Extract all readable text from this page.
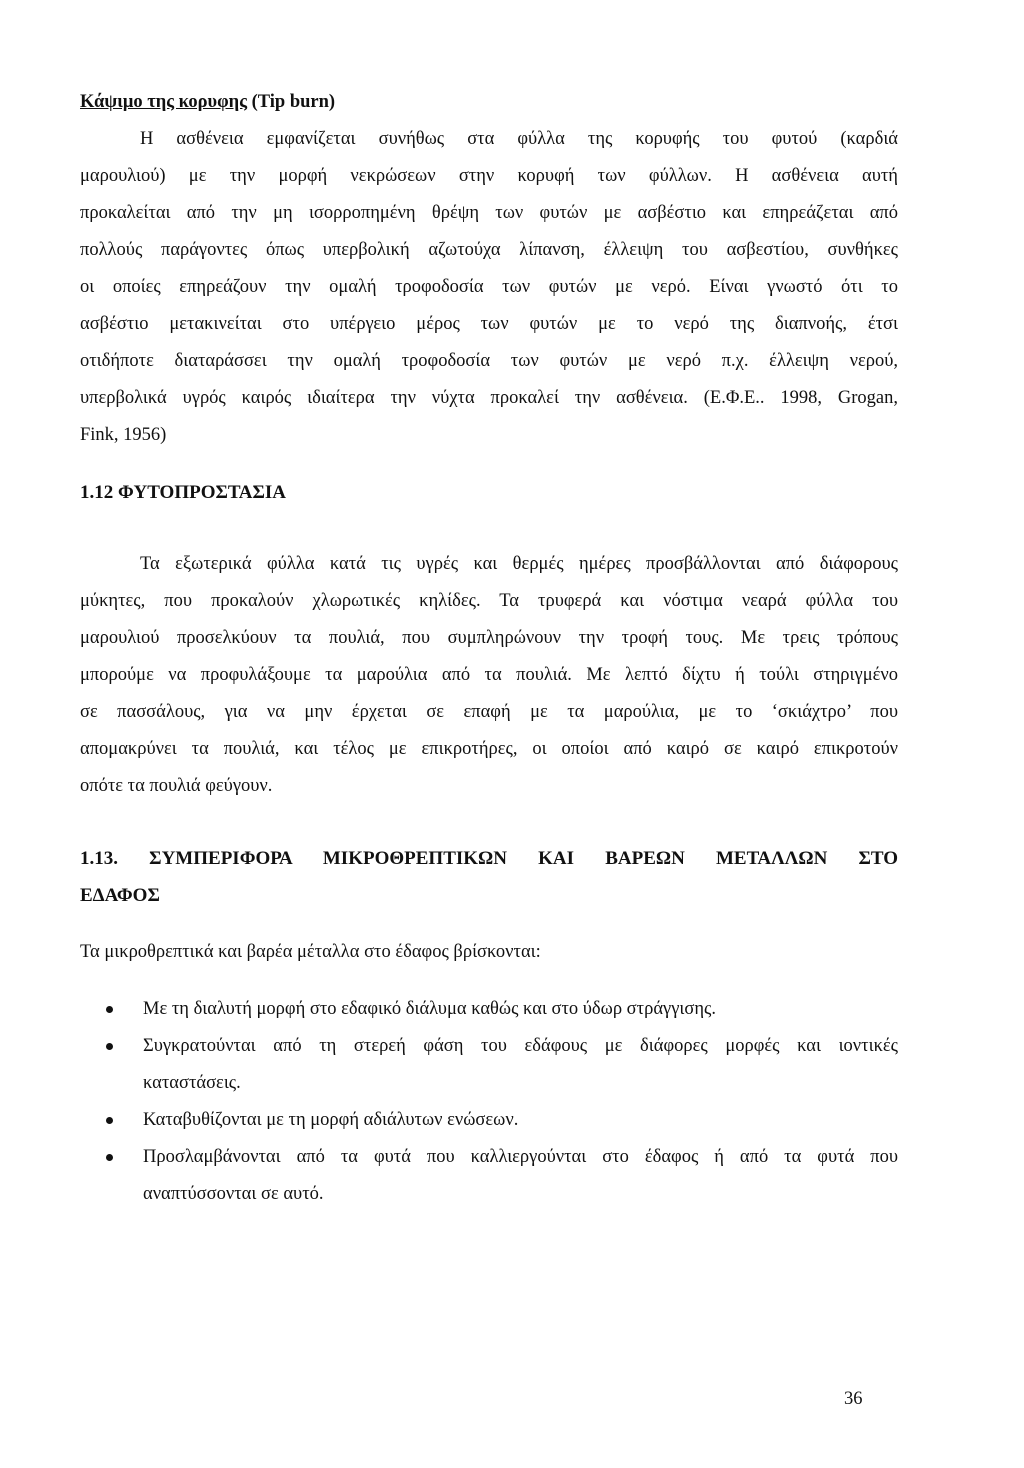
Κάψιμο της κορυφης (Tip burn)

Η ασθένεια εμφανίζεται συνήθως στα φύλλα της κορυφής του φυτού (καρδιά

μαρουλιού) με την μορφή νεκρώσεων στην κορυφή των φύλλων. Η ασθένεια αυτή

προκαλείται από την μη ισορροπημένη θρέψη των φυτών με ασβέστιο και επηρεάζεται από

πολλούς παράγοντες όπως υπερβολική αζωτούχα λίπανση, έλλειψη του ασβεστίου, συνθήκες

οι οποίες επηρεάζουν την ομαλή τροφοδοσία των φυτών με νερό. Είναι γνωστό ότι το

ασβέστιο μετακινείται στο υπέργειο μέρος των φυτών με το νερό της διαπνοής, έτσι

οτιδήποτε διαταράσσει την ομαλή τροφοδοσία των φυτών με νερό π.χ. έλλειψη νερού,

υπερβολικά υγρός καιρός ιδιαίτερα την νύχτα προκαλεί την ασθένεια. (Ε.Φ.Ε.. 1998, Grogan,

Fink, 1956)

1.12 ΦΥΤΟΠΡΟΣΤΑΣΙΑ

Τα εξωτερικά φύλλα κατά τις υγρές και θερμές ημέρες προσβάλλονται από διάφορους

μύκητες, που προκαλούν χλωρωτικές κηλίδες. Τα τρυφερά και νόστιμα νεαρά φύλλα του

μαρουλιού προσελκύουν τα πουλιά, που συμπληρώνουν την τροφή τους. Με τρεις τρόπους

μπορούμε να προφυλάξουμε τα μαρούλια από τα πουλιά. Με λεπτό δίχτυ ή τούλι στηριγμένο

σε πασσάλους, για να μην έρχεται σε επαφή με τα μαρούλια, με το ‘σκιάχτρο’ που

απομακρύνει τα πουλιά, και τέλος με επικροτήρες, οι οποίοι από καιρό σε καιρό επικροτούν

οπότε τα πουλιά φεύγουν.

1.13. ΣΥΜΠΕΡΙΦΟΡΑ ΜΙΚΡΟΘΡΕΠΤΙΚΩΝ ΚΑΙ ΒΑΡΕΩΝ ΜΕΤΑΛΛΩΝ ΣΤΟ

ΕΔΑΦΟΣ

Τα μικροθρεπτικά και βαρέα μέταλλα στο έδαφος βρίσκονται:

Με τη διαλυτή μορφή στο εδαφικό διάλυμα καθώς και στο ύδωρ στράγγισης.

Συγκρατούνται από τη στερεή φάση του εδάφους με διάφορες μορφές και ιοντικές

καταστάσεις.

Καταβυθίζονται με τη μορφή αδιάλυτων ενώσεων.

Προσλαμβάνονται από τα φυτά που καλλιεργούνται στο έδαφος ή από τα φυτά που

αναπτύσσονται σε αυτό.

36
